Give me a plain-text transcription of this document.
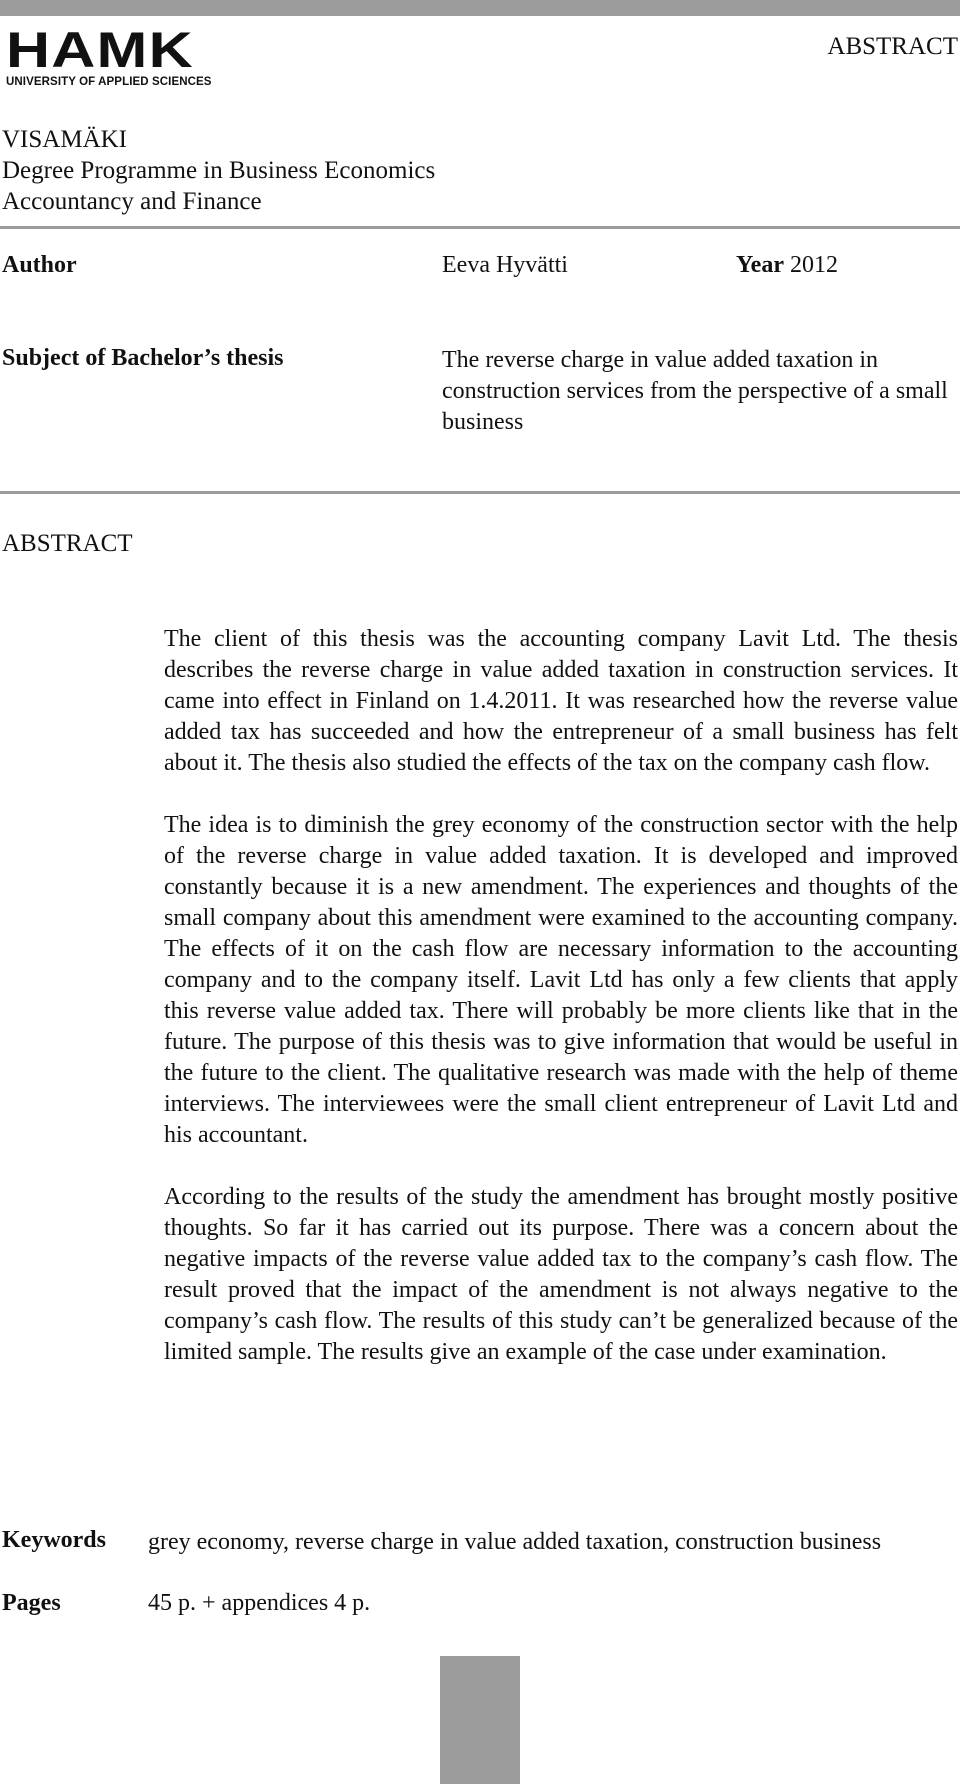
HAMK
UNIVERSITY OF APPLIED SCIENCES
ABSTRACT
VISAMÄKI
Degree Programme in Business Economics
Accountancy and Finance
Author	Eeva Hyvätti	Year 2012
Subject of Bachelor’s thesis	The reverse charge in value added taxation in construction services from the perspective of a small business
ABSTRACT

The client of this thesis was the accounting company Lavit Ltd. The thesis describes the reverse charge in value added taxation in construction services. It came into effect in Finland on 1.4.2011. It was researched how the reverse value added tax has succeeded and how the entrepreneur of a small business has felt about it. The thesis also studied the effects of the tax on the company cash flow.

The idea is to diminish the grey economy of the construction sector with the help of the reverse charge in value added taxation. It is developed and improved constantly because it is a new amendment. The experiences and thoughts of the small company about this amendment were examined to the accounting company. The effects of it on the cash flow are necessary information to the accounting company and to the company itself. Lavit Ltd has only a few clients that apply this reverse value added tax. There will probably be more clients like that in the future. The purpose of this thesis was to give information that would be useful in the future to the client. The qualitative research was made with the help of theme interviews. The interviewees were the small client entrepreneur of Lavit Ltd and his accountant.

According to the results of the study the amendment has brought mostly positive thoughts. So far it has carried out its purpose. There was a concern about the negative impacts of the reverse value added tax to the company’s cash flow. The result proved that the impact of the amendment is not always negative to the company’s cash flow. The results of this study can’t be generalized because of the limited sample. The results give an example of the case under examination.

Keywords grey economy, reverse charge in value added taxation, construction business
Pages	45 p. + appendices 4 p.
